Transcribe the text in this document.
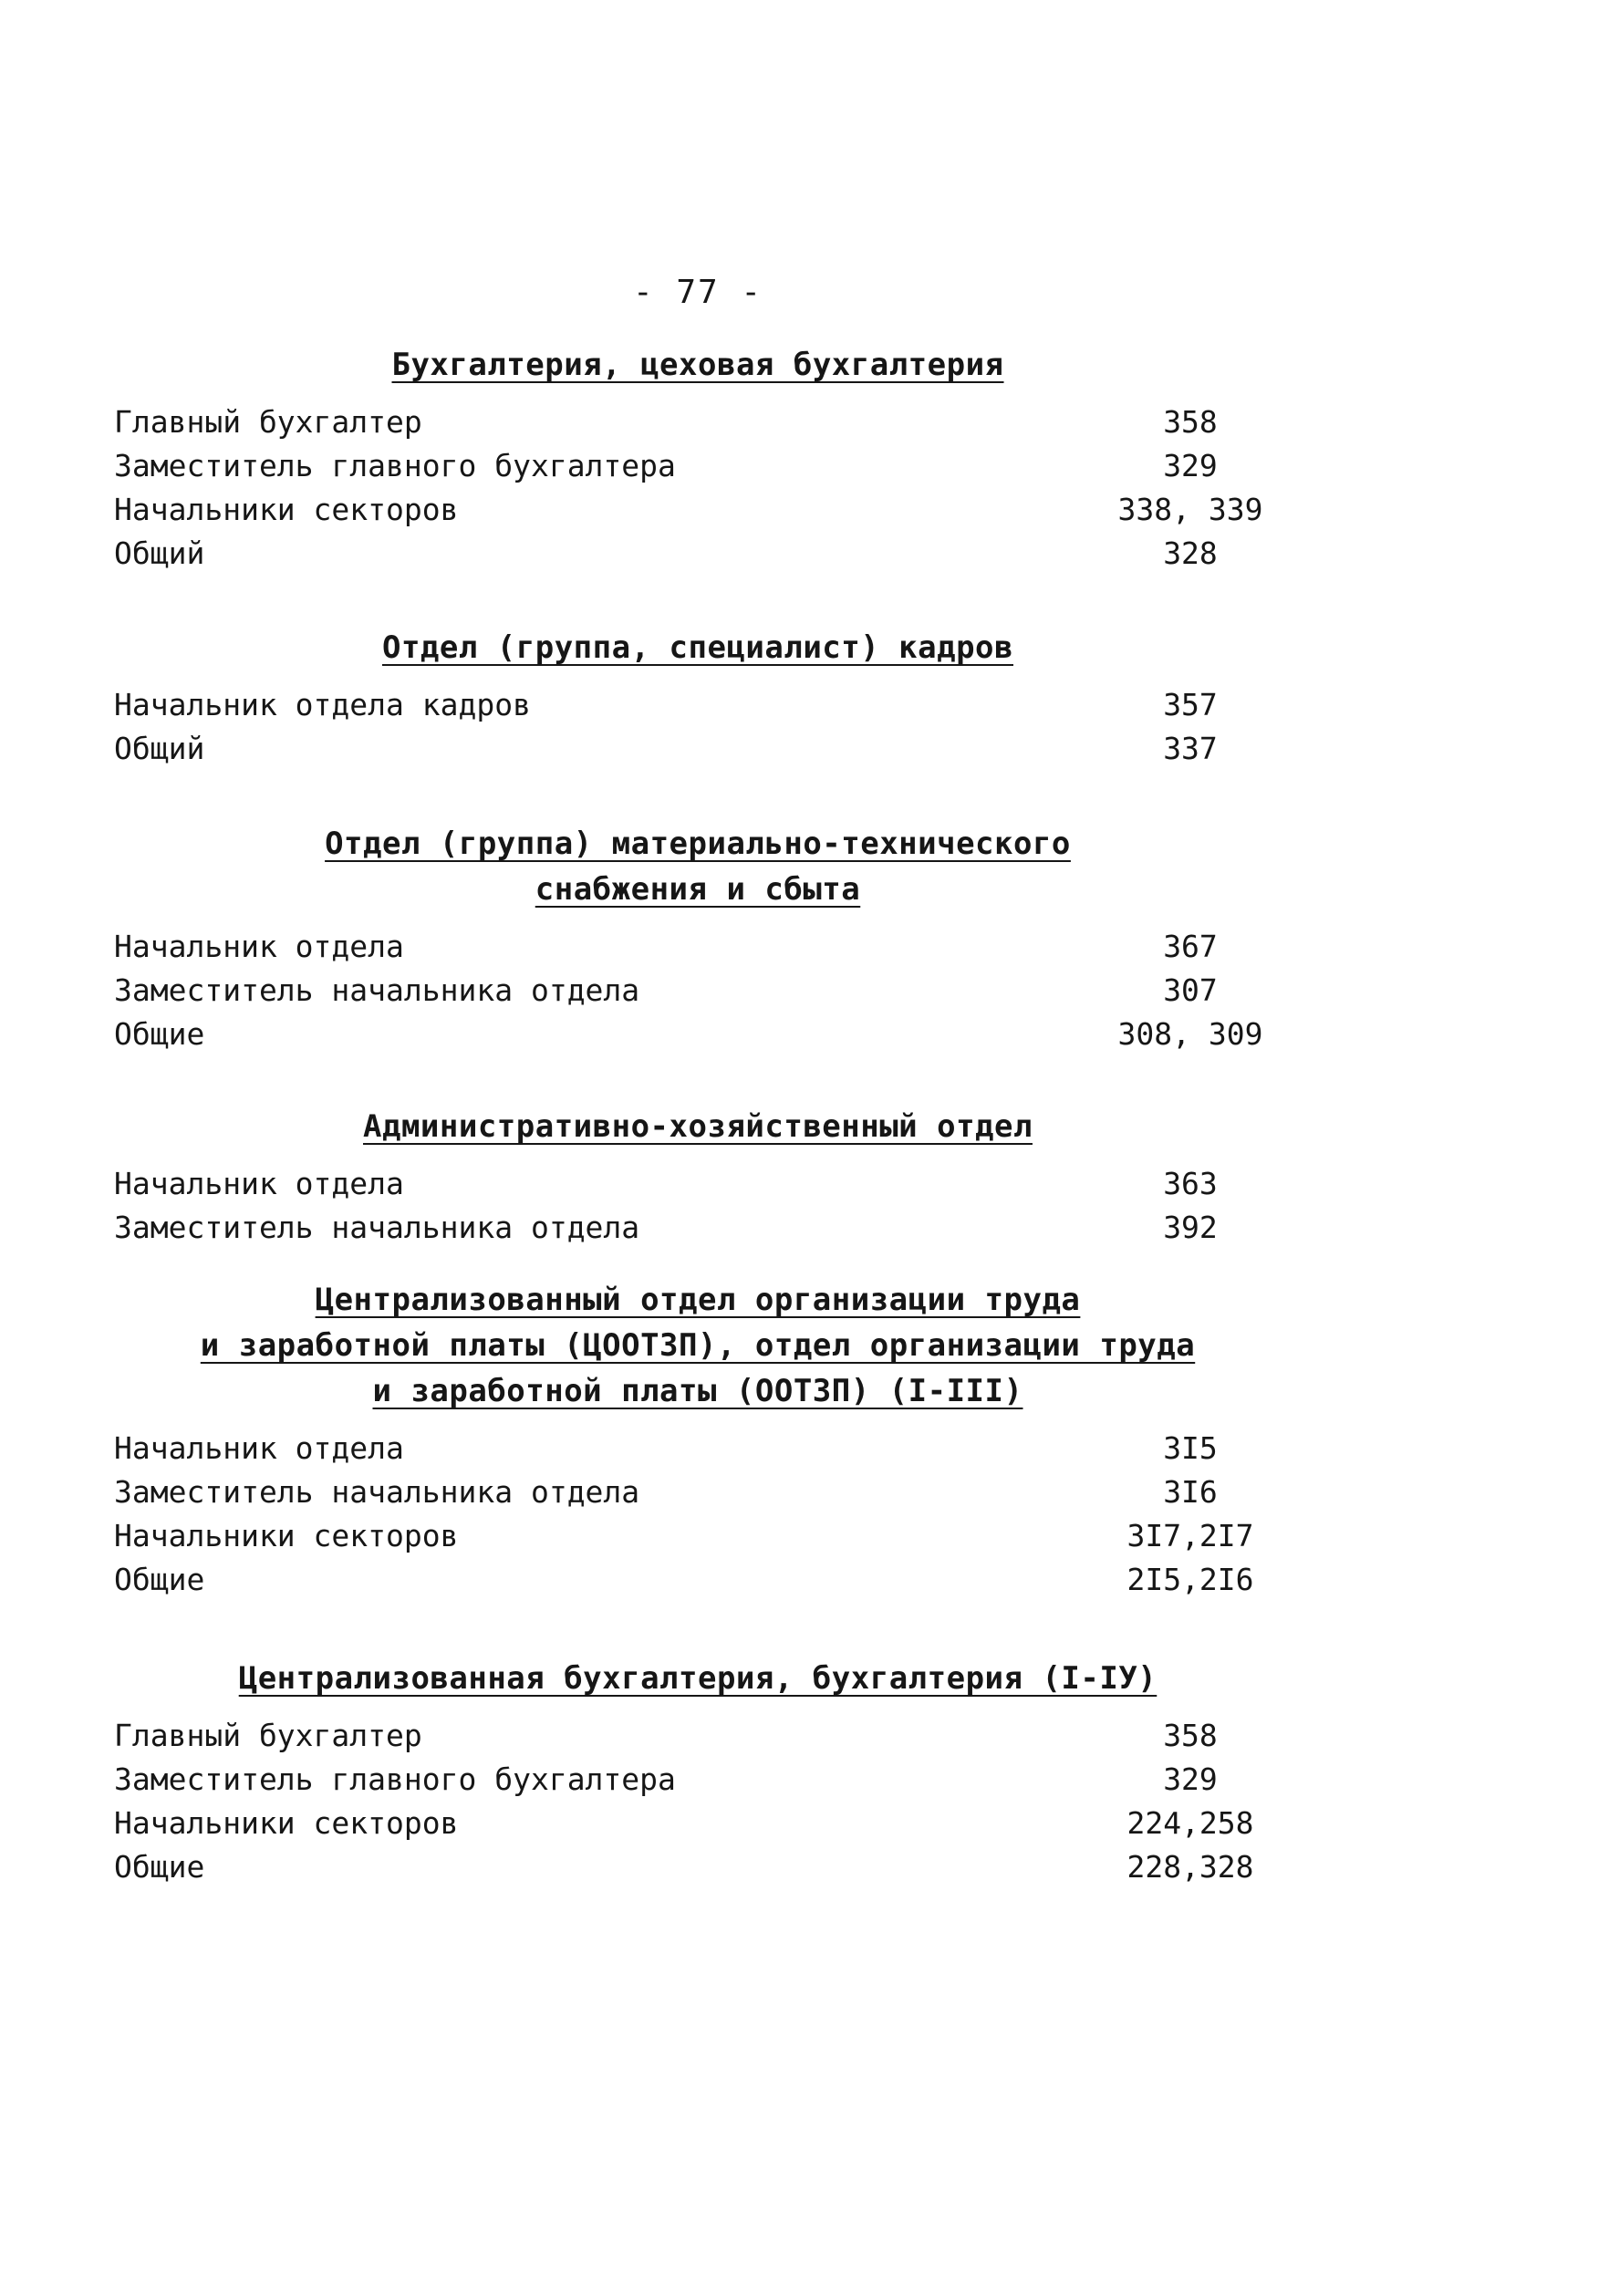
- 77 -
Бухгалтерия, цеховая бухгалтерия
Главный бухгалтер	358
Заместитель главного бухгалтера	329
Начальники секторов	338, 339
Общий	328
Отдел (группа, специалист) кадров
Начальник отдела кадров	357
Общий	337
Отдел (группа) материально-технического
снабжения и сбыта
Начальник отдела	367
Заместитель начальника отдела	307
Общие	308, 309
Административно-хозяйственный отдел
Начальник отдела	363
Заместитель начальника отдела	392
Централизованный отдел организации труда
и заработной платы (ЦООТЗП), отдел организации труда
и заработной платы (ООТЗП) (I-III)
Начальник отдела	3I5
Заместитель начальника отдела	3I6
Начальники секторов	3I7,2I7
Общие	2I5,2I6
Централизованная бухгалтерия, бухгалтерия (I-IУ)
Главный бухгалтер	358
Заместитель главного бухгалтера	329
Начальники секторов	224,258
Общие	228,328
